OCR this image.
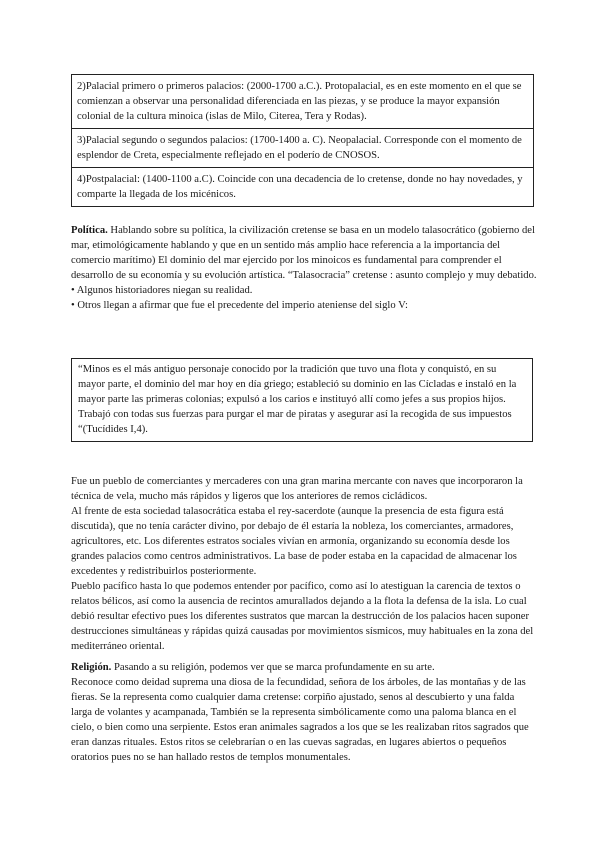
2)Palacial primero o primeros palacios: (2000-1700 a.C.). Protopalacial, es en este momento en el que se comienzan a observar una personalidad diferenciada en las piezas, y se produce la mayor expansión colonial de la cultura minoica (islas de Milo, Citerea, Tera y Rodas).
3)Palacial segundo o segundos palacios: (1700-1400 a. C). Neopalacial. Corresponde con el momento de esplendor de Creta, especialmente reflejado en el poderío de CNOSOS.
4)Postpalacial: (1400-1100 a.C). Coincide con una decadencia de lo cretense, donde no hay novedades, y comparte la llegada de los micénicos.

Política. Hablando sobre su política, la civilización cretense se basa en un modelo talasocrático (gobierno del mar, etimológicamente hablando y que en un sentido más amplio hace referencia a la importancia del comercio marítimo) El dominio del mar ejercido por los minoicos es fundamental para comprender el desarrollo de su economía y su evolución artística. “Talasocracia” cretense : asunto complejo y muy debatido.

• Algunos historiadores niegan su realidad.

• Otros llegan a afirmar que fue el precedente del imperio ateniense del siglo V:

“Minos es el más antiguo personaje conocido por la tradición que tuvo una flota y conquistó, en su mayor parte, el dominio del mar hoy en día griego; estableció su dominio en las Cícladas e instaló en la mayor parte las primeras colonias; expulsó a los carios e instituyó allí como jefes a sus propios hijos. Trabajó con todas sus fuerzas para purgar el mar de piratas y asegurar así la recogida de sus impuestos “(Tucídides I,4).

Fue un pueblo de comerciantes y mercaderes con una gran marina mercante con naves que incorporaron la técnica de vela, mucho más rápidos y ligeros que los anteriores de remos cicládicos.

Al frente de esta sociedad talasocrática estaba el rey-sacerdote (aunque la presencia de esta figura está discutida), que no tenía carácter divino, por debajo de él estaría la nobleza, los comerciantes, armadores, agricultores, etc. Los diferentes estratos sociales vivían en armonía, organizando su economía desde los grandes palacios como centros administrativos. La base de poder estaba en la capacidad de almacenar los excedentes y redistribuirlos posteriormente.

Pueblo pacífico hasta lo que podemos entender por pacífico, como así lo atestiguan la carencia de textos o relatos bélicos, así como la ausencia de recintos amurallados dejando a la flota la defensa de la isla. Lo cual debió resultar efectivo pues los diferentes sustratos que marcan la destrucción de los palacios hacen suponer destrucciones simultáneas y rápidas quizá causadas por movimientos sísmicos, muy habituales en la zona del mediterráneo oriental.

Religión. Pasando a su religión, podemos ver que se marca profundamente en su arte.

Reconoce como deidad suprema una diosa de la fecundidad, señora de los árboles, de las montañas y de las fieras. Se la representa como cualquier dama cretense: corpiño ajustado, senos al descubierto y una falda larga de volantes y acampanada, También se la representa simbólicamente como una paloma blanca en el cielo, o bien como una serpiente. Estos eran animales sagrados a los que se les realizaban ritos sagrados que eran danzas rituales. Estos ritos se celebrarían o en las cuevas sagradas, en lugares abiertos o pequeños oratorios pues no se han hallado restos de templos monumentales.
